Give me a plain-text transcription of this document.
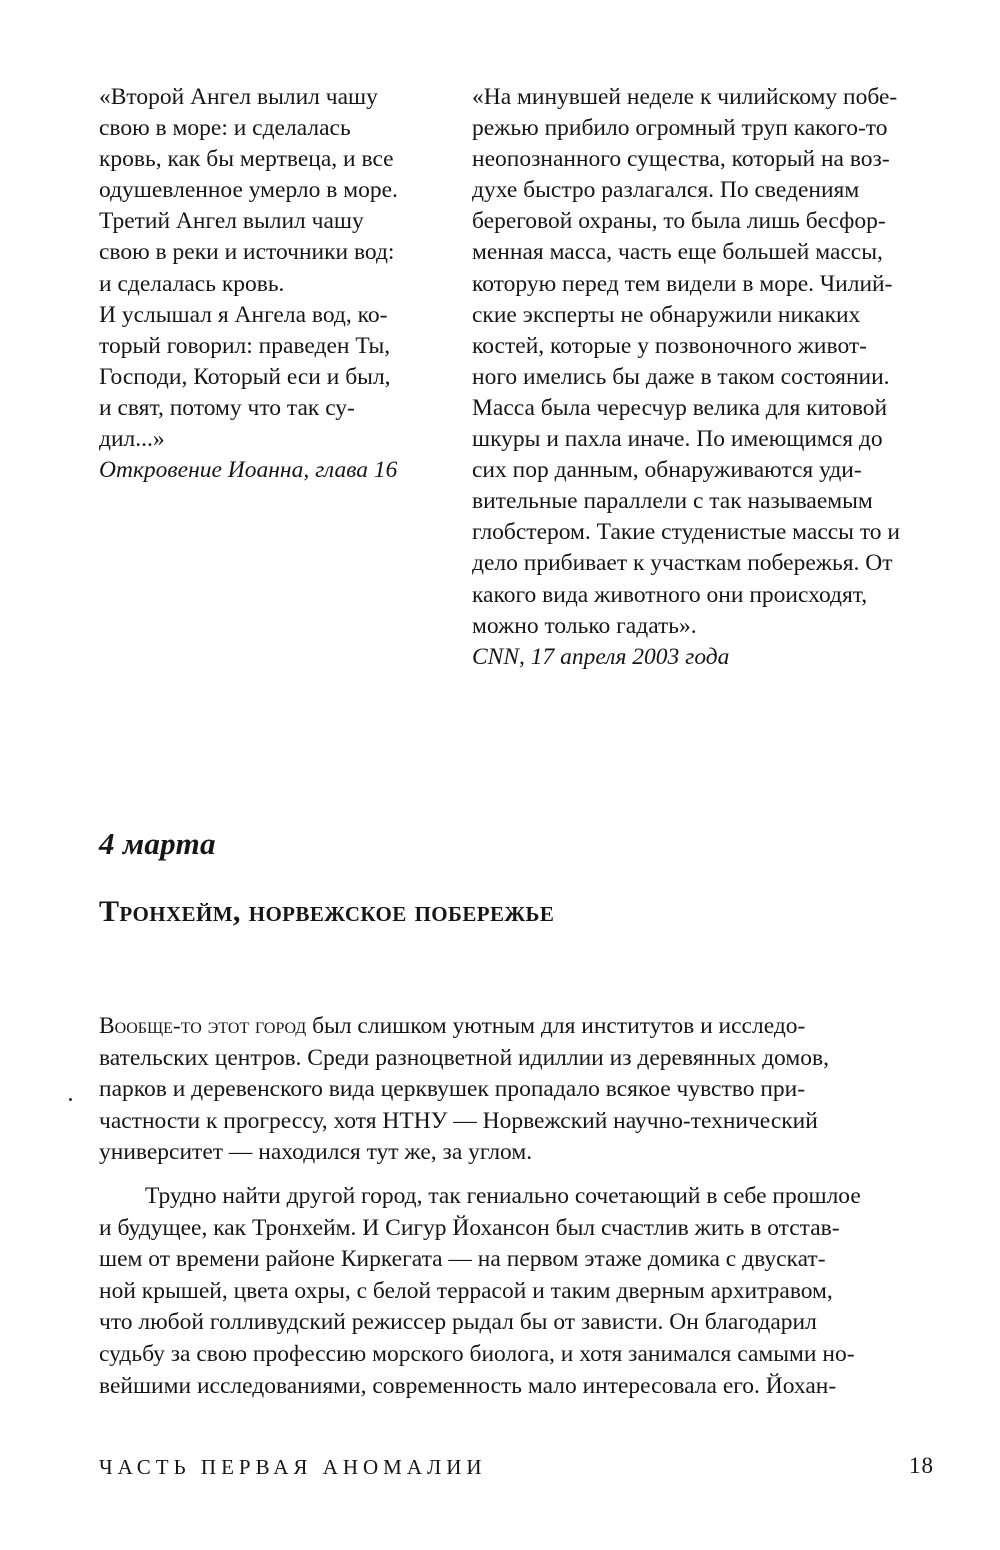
«Второй Ангел вылил чашу
свою в море: и сделалась
кровь, как бы мертвеца, и все
одушевленное умерло в море.
Третий Ангел вылил чашу
свою в реки и источники вод:
и сделалась кровь.
И услышал я Ангела вод, ко-
торый говорил: праведен Ты,
Господи, Который еси и был,
и свят, потому что так су-
дил...»
Откровение Иоанна, глава 16
«На минувшей неделе к чилийскому побе-
режью прибило огромный труп какого-то
неопознанного существа, который на воз-
духе быстро разлагался. По сведениям
береговой охраны, то была лишь бесфор-
менная масса, часть еще большей массы,
которую перед тем видели в море. Чилий-
ские эксперты не обнаружили никаких
костей, которые у позвоночного живот-
ного имелись бы даже в таком состоянии.
Масса была чересчур велика для китовой
шкуры и пахла иначе. По имеющимся до
сих пор данным, обнаруживаются уди-
вительные параллели с так называемым
глобстером. Такие студенистые массы то и
дело прибивает к участкам побережья. От
какого вида животного они происходят,
можно только гадать».
CNN, 17 апреля 2003 года
4 марта
Тронхейм, норвежское побережье
Вообще-то этот город был слишком уютным для институтов и исследо-
вательских центров. Среди разноцветной идиллии из деревянных домов,
парков и деревенского вида церквушек пропадало всякое чувство при-
частности к прогрессу, хотя НТНУ — Норвежский научно-технический
университет — находился тут же, за углом.
Трудно найти другой город, так гениально сочетающий в себе прошлое
и будущее, как Тронхейм. И Сигур Йохансон был счастлив жить в отстав-
шем от времени районе Киркегата — на первом этаже домика с двускат-
ной крышей, цвета охры, с белой террасой и таким дверным архитравом,
что любой голливудский режиссер рыдал бы от зависти. Он благодарил
судьбу за свою профессию морского биолога, и хотя занимался самыми но-
вейшими исследованиями, современность мало интересовала его. Йохан-
ЧАСТЬ ПЕРВАЯ АНОМАЛИИ	18
